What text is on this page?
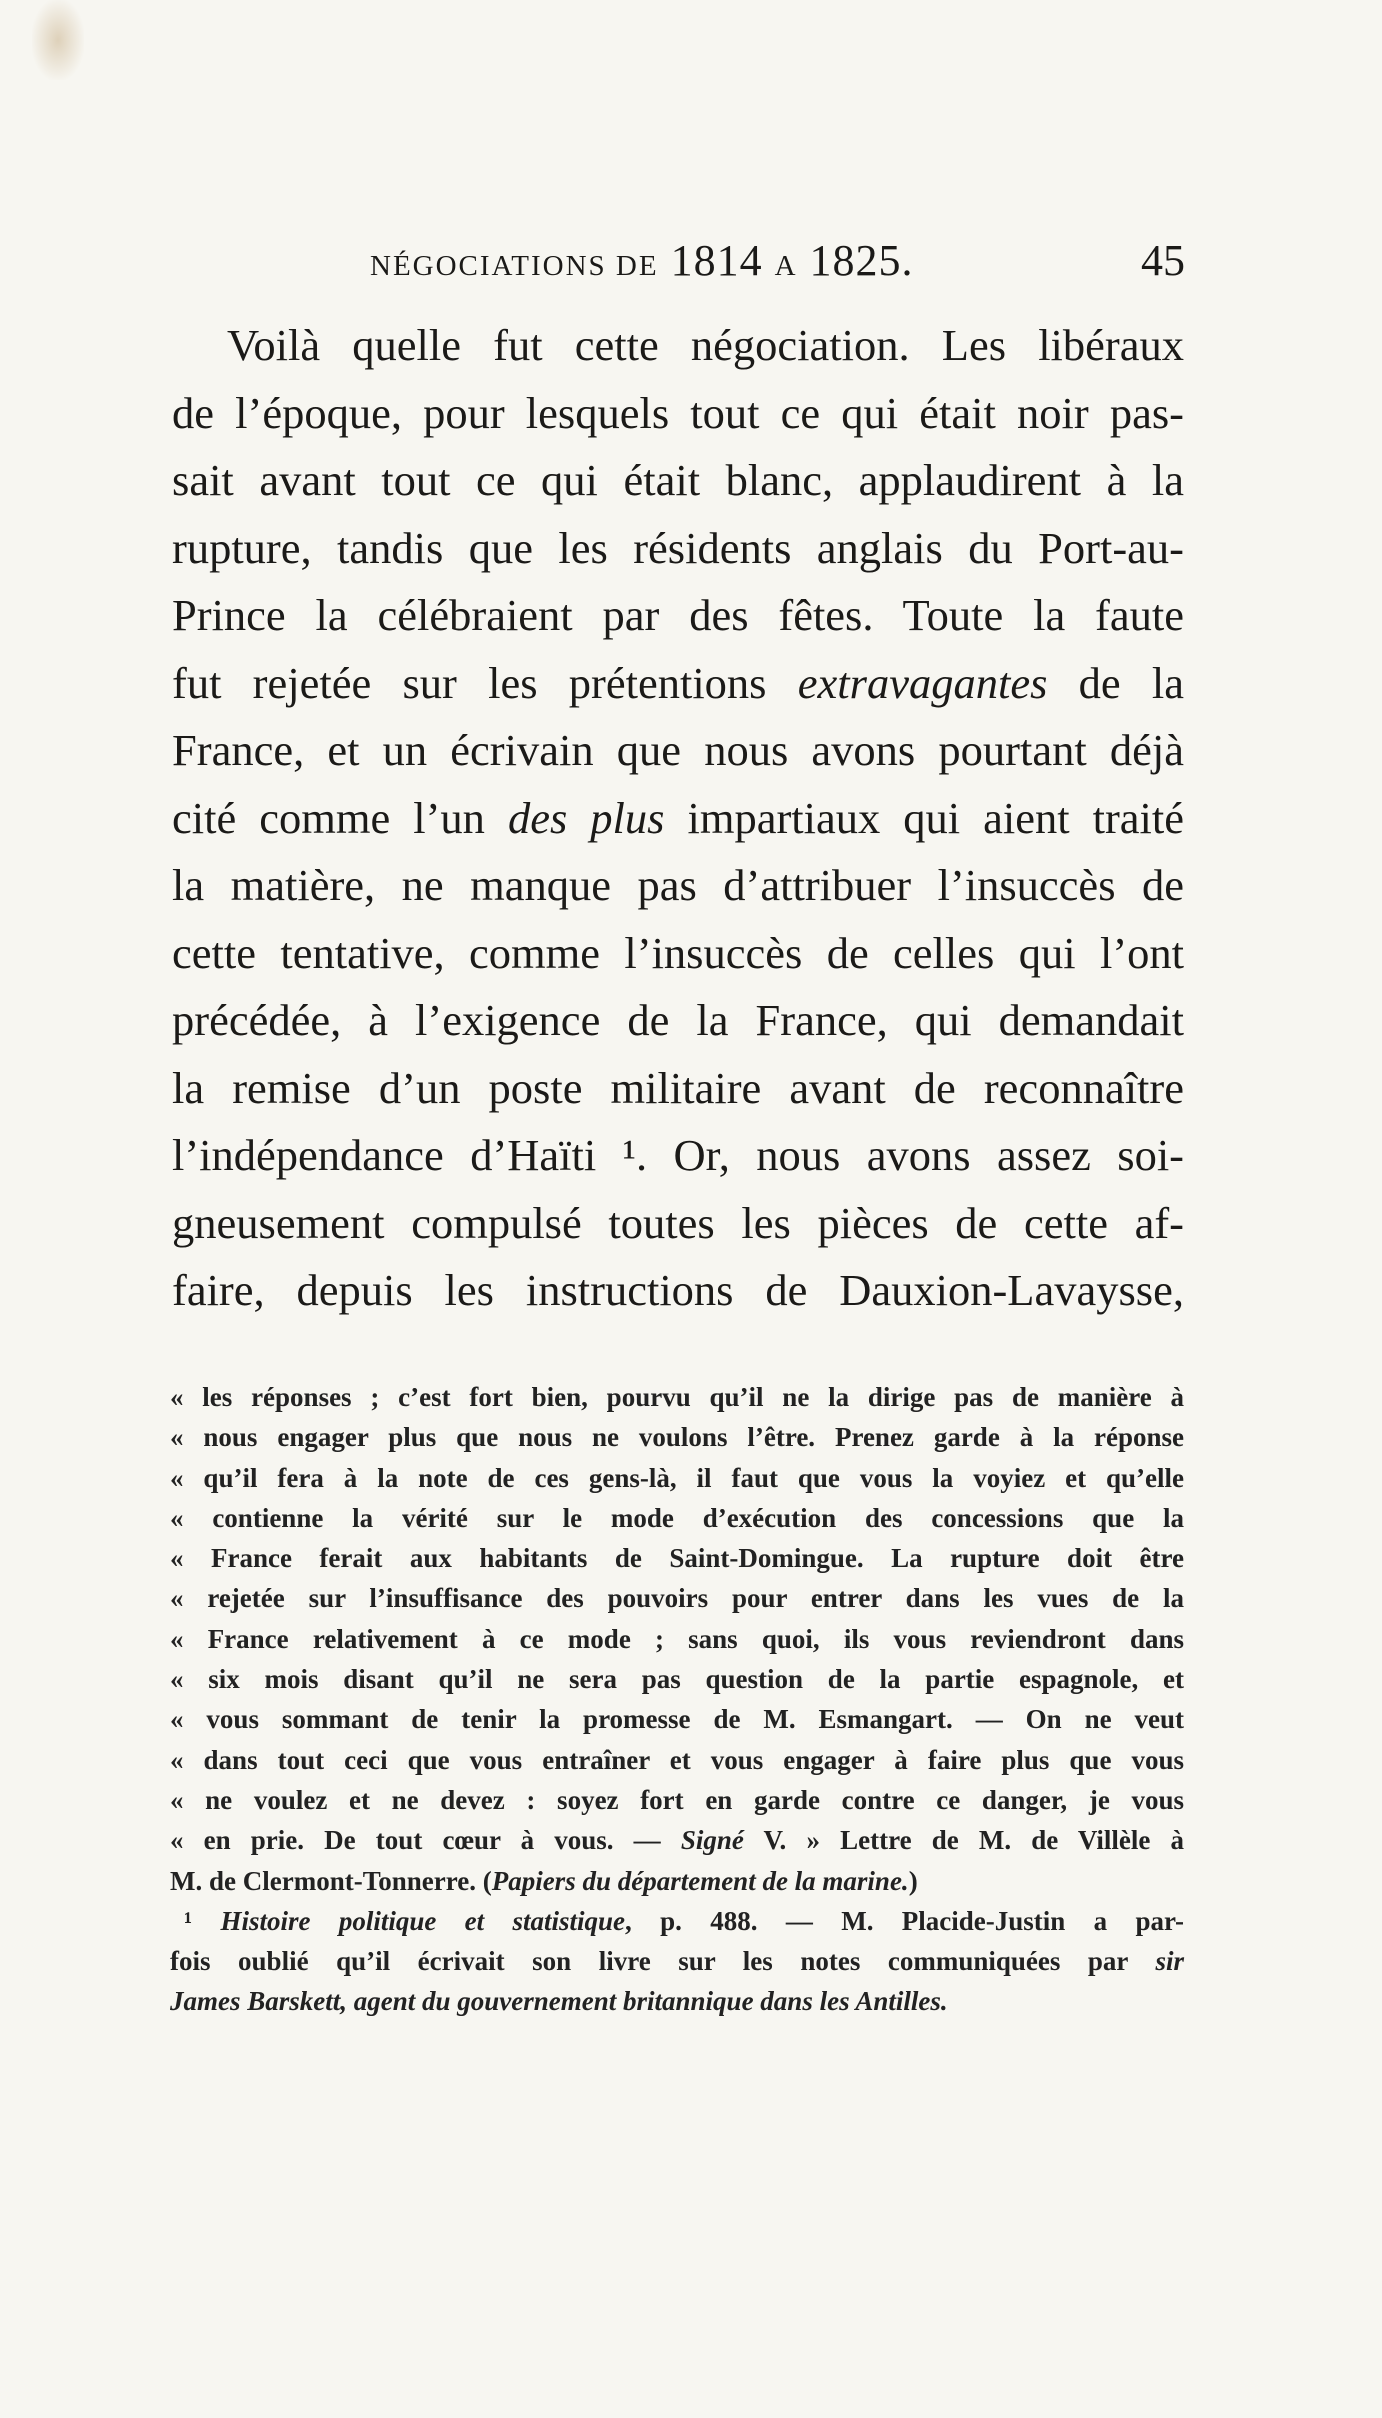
NÉGOCIATIONS DE 1814 A 1825.	45
Voilà quelle fut cette négociation. Les libéraux
de l’époque, pour lesquels tout ce qui était noir pas-
sait avant tout ce qui était blanc, applaudirent à la
rupture, tandis que les résidents anglais du Port-au-
Prince la célébraient par des fêtes. Toute la faute
fut rejetée sur les prétentions extravagantes de la
France, et un écrivain que nous avons pourtant déjà
cité comme l’un des plus impartiaux qui aient traité
la matière, ne manque pas d’attribuer l’insuccès de
cette tentative, comme l’insuccès de celles qui l’ont
précédée, à l’exigence de la France, qui demandait
la remise d’un poste militaire avant de reconnaître
l’indépendance d’Haïti ¹. Or, nous avons assez soi-
gneusement compulsé toutes les pièces de cette af-
faire, depuis les instructions de Dauxion-Lavaysse,
« les réponses ; c’est fort bien, pourvu qu’il ne la dirige pas de manière à
« nous engager plus que nous ne voulons l’être. Prenez garde à la réponse
« qu’il fera à la note de ces gens-là, il faut que vous la voyiez et qu’elle
« contienne la vérité sur le mode d’exécution des concessions que la
« France ferait aux habitants de Saint-Domingue. La rupture doit être
« rejetée sur l’insuffisance des pouvoirs pour entrer dans les vues de la
« France relativement à ce mode ; sans quoi, ils vous reviendront dans
« six mois disant qu’il ne sera pas question de la partie espagnole, et
« vous sommant de tenir la promesse de M. Esmangart. — On ne veut
« dans tout ceci que vous entraîner et vous engager à faire plus que vous
« ne voulez et ne devez : soyez fort en garde contre ce danger, je vous
« en prie. De tout cœur à vous. — Signé V. » Lettre de M. de Villèle à
M. de Clermont-Tonnerre. (Papiers du département de la marine.)
¹ Histoire politique et statistique, p. 488. — M. Placide-Justin a par-
fois oublié qu’il écrivait son livre sur les notes communiquées par sir
James Barskett, agent du gouvernement britannique dans les Antilles.
